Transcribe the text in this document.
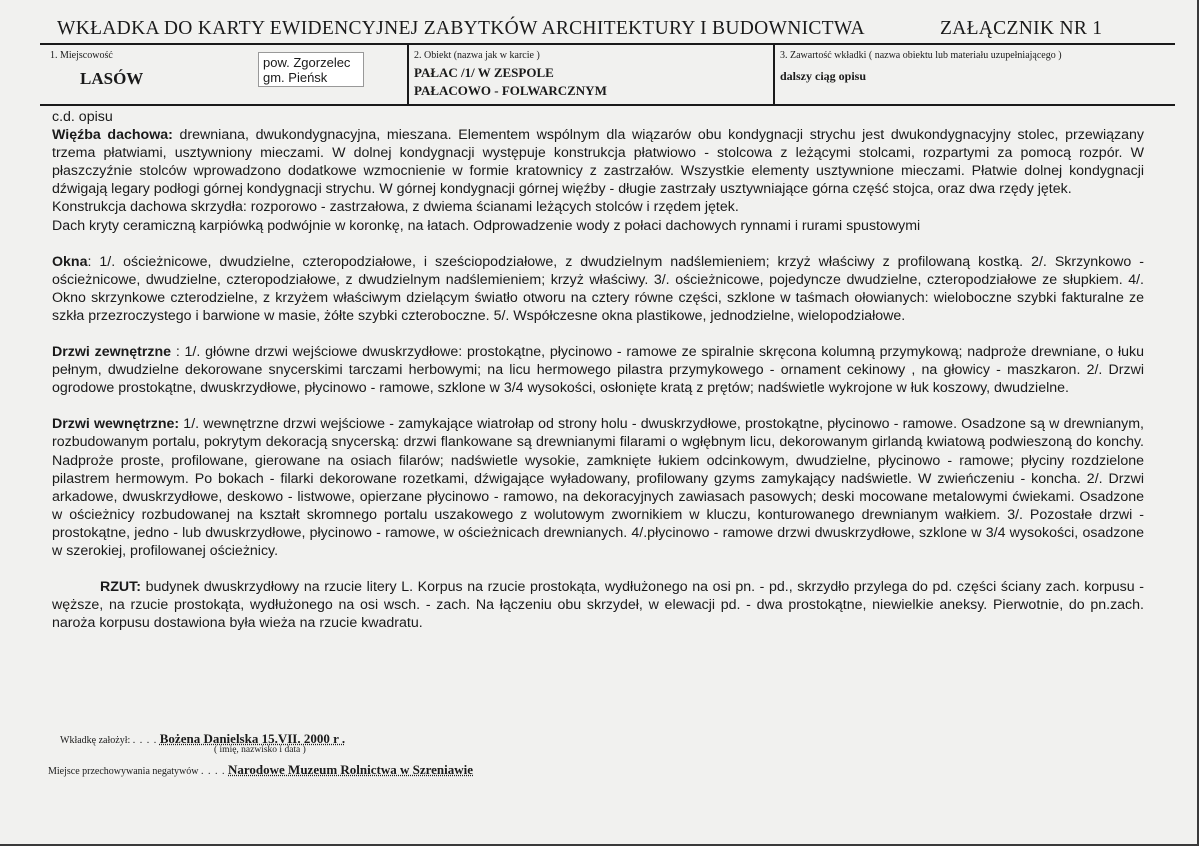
WKŁADKA DO KARTY EWIDENCYJNEJ ZABYTKÓW ARCHITEKTURY I BUDOWNICTWA	ZAŁĄCZNIK NR 1
1. Miejscowość
LASÓW
pow. Zgorzelec
gm. Pieńsk
2. Obiekt (nazwa jak w karcie )
PAŁAC /1/ W ZESPOLE
PAŁACOWO - FOLWARCZNYM
3. Zawartość wkładki ( nazwa obiektu lub materiału uzupełniającego )
dalszy ciąg opisu

c.d. opisu

Więźba dachowa: drewniana, dwukondygnacyjna, mieszana. Elementem wspólnym dla wiązarów obu kondygnacji strychu jest dwukondygnacyjny stolec, przewiązany trzema płatwiami, usztywniony mieczami. W dolnej kondygnacji występuje konstrukcja płatwiowo - stolcowa z leżącymi stolcami, rozpartymi za pomocą rozpór. W płaszczyźnie stolców wprowadzono dodatkowe wzmocnienie w formie kratownicy z zastrzałów. Wszystkie elementy usztywnione mieczami. Płatwie dolnej kondygnacji dźwigają legary podłogi górnej kondygnacji strychu. W górnej kondygnacji górnej więźby - długie zastrzały usztywniające górna część stojca, oraz dwa rzędy jętek.

Konstrukcja dachowa skrzydła: rozporowo - zastrzałowa, z dwiema ścianami leżących stolców i rzędem jętek.

Dach kryty ceramiczną karpiówką podwójnie w koronkę, na łatach. Odprowadzenie wody z połaci dachowych rynnami i rurami spustowymi

Okna: 1/. ościeżnicowe, dwudzielne, czteropodziałowe, i sześciopodziałowe, z dwudzielnym nadślemieniem; krzyż właściwy z profilowaną kostką. 2/. Skrzynkowo - ościeżnicowe, dwudzielne, czteropodziałowe, z dwudzielnym nadślemieniem; krzyż właściwy. 3/. ościeżnicowe, pojedyncze dwudzielne, czteropodziałowe ze słupkiem. 4/. Okno skrzynkowe czterodzielne, z krzyżem właściwym dzielącym światło otworu na cztery równe części, szklone w taśmach ołowianych: wieloboczne szybki fakturalne ze szkła przezroczystego i barwione w masie, żółte szybki czteroboczne. 5/. Współczesne okna plastikowe, jednodzielne, wielopodziałowe.

Drzwi zewnętrzne : 1/. główne drzwi wejściowe dwuskrzydłowe: prostokątne, płycinowo - ramowe ze spiralnie skręcona kolumną przymykową; nadproże drewniane, o łuku pełnym, dwudzielne dekorowane snycerskimi tarczami herbowymi; na licu hermowego pilastra przymykowego - ornament cekinowy , na głowicy - maszkaron. 2/. Drzwi ogrodowe prostokątne, dwuskrzydłowe, płycinowo - ramowe, szklone w 3/4 wysokości, osłonięte kratą z prętów; nadświetle wykrojone w łuk koszowy, dwudzielne.

Drzwi wewnętrzne: 1/. wewnętrzne drzwi wejściowe - zamykające wiatrołap od strony holu - dwuskrzydłowe, prostokątne, płycinowo - ramowe. Osadzone są w drewnianym, rozbudowanym portalu, pokrytym dekoracją snycerską: drzwi flankowane są drewnianymi filarami o wgłębnym licu, dekorowanym girlandą kwiatową podwieszoną do konchy. Nadproże proste, profilowane, gierowane na osiach filarów; nadświetle wysokie, zamknięte łukiem odcinkowym, dwudzielne, płycinowo - ramowe; płyciny rozdzielone pilastrem hermowym. Po bokach - filarki dekorowane rozetkami, dźwigające wyładowany, profilowany gzyms zamykający nadświetle. W zwieńczeniu - koncha. 2/. Drzwi arkadowe, dwuskrzydłowe, deskowo - listwowe, opierzane płycinowo - ramowo, na dekoracyjnych zawiasach pasowych; deski mocowane metalowymi ćwiekami. Osadzone w ościeżnicy rozbudowanej na kształt skromnego portalu uszakowego z wolutowym zwornikiem w kluczu, konturowanego drewnianym wałkiem. 3/. Pozostałe drzwi - prostokątne, jedno - lub dwuskrzydłowe, płycinowo - ramowe, w ościeżnicach drewnianych. 4/.płycinowo - ramowe drzwi dwuskrzydłowe, szklone w 3/4 wysokości, osadzone w szerokiej, profilowanej ościeżnicy.

RZUT: budynek dwuskrzydłowy na rzucie litery L. Korpus na rzucie prostokąta, wydłużonego na osi pn. - pd., skrzydło przylega do pd. części ściany zach. korpusu - węższe, na rzucie prostokąta, wydłużonego na osi wsch. - zach. Na łączeniu obu skrzydeł, w elewacji pd. - dwa prostokątne, niewielkie aneksy. Pierwotnie, do pn.zach. naroża korpusu dostawiona była wieża na rzucie kwadratu.

Wkładkę założył: . . . . Bożena Danielska 15.VII. 2000 r .
( imię, nazwisko i data )
Miejsce przechowywania negatywów . . . . Narodowe Muzeum Rolnictwa w Szreniawie
